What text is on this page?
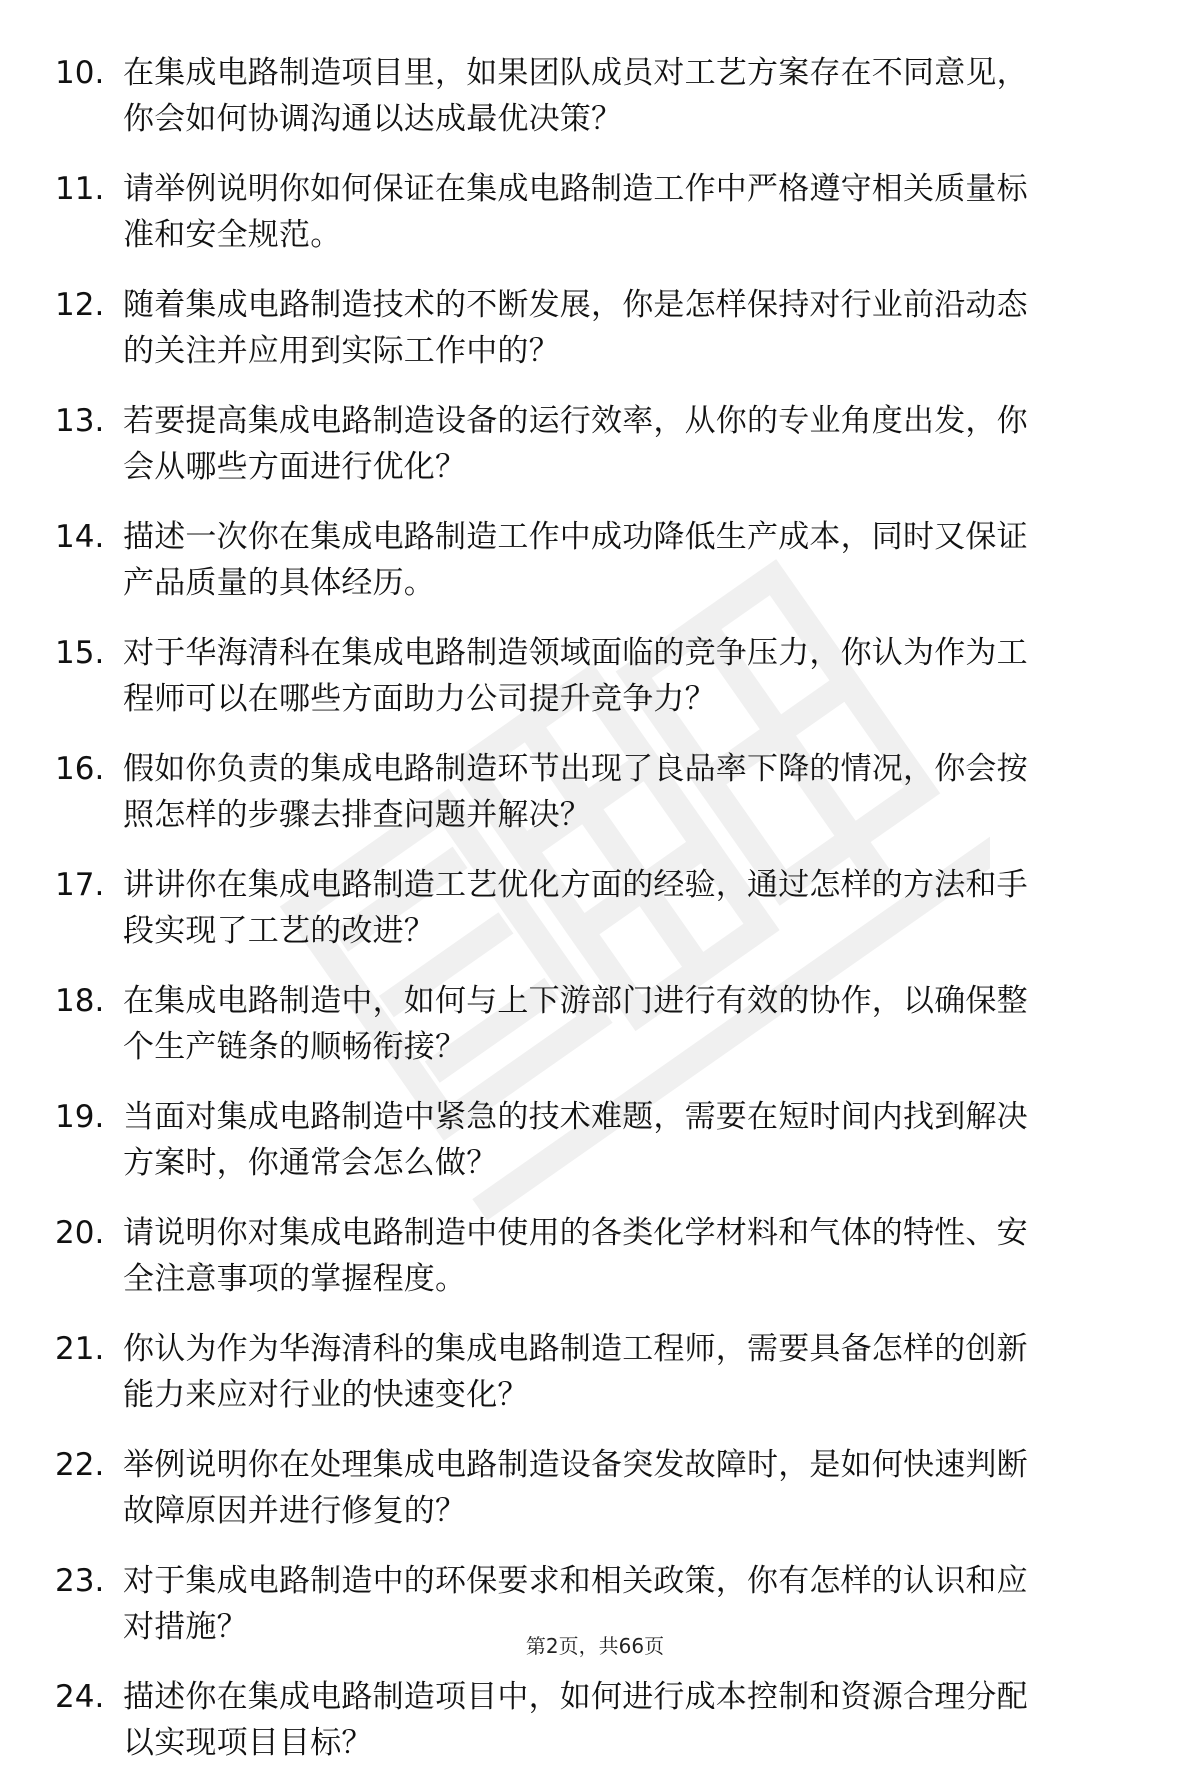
10. 在集成电路制造项目里，如果团队成员对工艺方案存在不同意见，你会如何协调沟通以达成最优决策？
11. 请举例说明你如何保证在集成电路制造工作中严格遵守相关质量标准和安全规范。
12. 随着集成电路制造技术的不断发展，你是怎样保持对行业前沿动态的关注并应用到实际工作中的？
13. 若要提高集成电路制造设备的运行效率，从你的专业角度出发，你会从哪些方面进行优化？
14. 描述一次你在集成电路制造工作中成功降低生产成本，同时又保证产品质量的具体经历。
15. 对于华海清科在集成电路制造领域面临的竞争压力，你认为作为工程师可以在哪些方面助力公司提升竞争力？
16. 假如你负责的集成电路制造环节出现了良品率下降的情况，你会按照怎样的步骤去排查问题并解决？
17. 讲讲你在集成电路制造工艺优化方面的经验，通过怎样的方法和手段实现了工艺的改进？
18. 在集成电路制造中，如何与上下游部门进行有效的协作，以确保整个生产链条的顺畅衔接？
19. 当面对集成电路制造中紧急的技术难题，需要在短时间内找到解决方案时，你通常会怎么做？
20. 请说明你对集成电路制造中使用的各类化学材料和气体的特性、安全注意事项的掌握程度。
21. 你认为作为华海清科的集成电路制造工程师，需要具备怎样的创新能力来应对行业的快速变化？
22. 举例说明你在处理集成电路制造设备突发故障时，是如何快速判断故障原因并进行修复的？
23. 对于集成电路制造中的环保要求和相关政策，你有怎样的认识和应对措施？
24. 描述你在集成电路制造项目中，如何进行成本控制和资源合理分配以实现项目目标？
第2页，共66页
